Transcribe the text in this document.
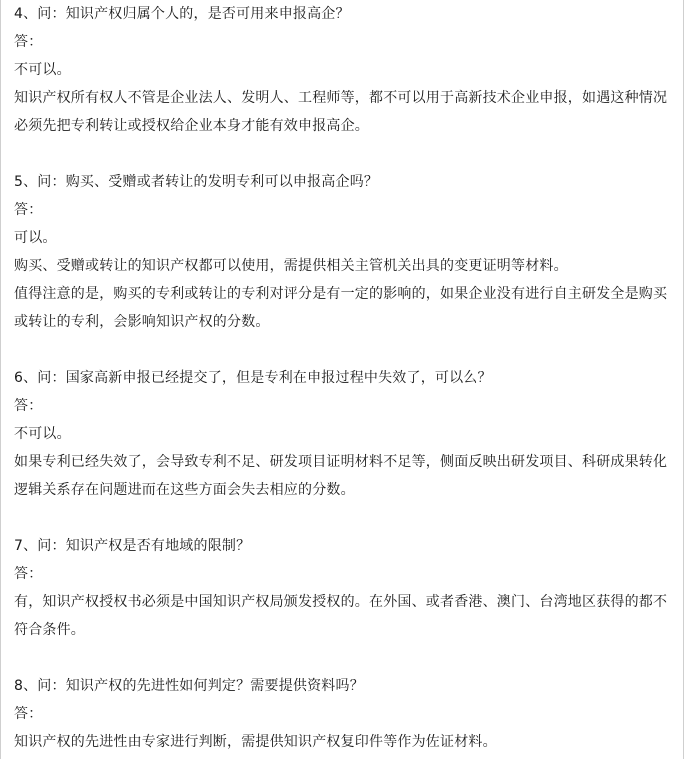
4、问：知识产权归属个人的，是否可用来申报高企？
答：

不可以。

知识产权所有权人不管是企业法人、发明人、工程师等，都不可以用于高新技术企业申报，如遇这种情况必须先把专利转让或授权给企业本身才能有效申报高企。

5、问：购买、受赠或者转让的发明专利可以申报高企吗？
答：

可以。

购买、受赠或转让的知识产权都可以使用，需提供相关主管机关出具的变更证明等材料。

值得注意的是，购买的专利或转让的专利对评分是有一定的影响的，如果企业没有进行自主研发全是购买或转让的专利，会影响知识产权的分数。

6、问：国家高新申报已经提交了，但是专利在申报过程中失效了，可以么？
答：

不可以。

如果专利已经失效了，会导致专利不足、研发项目证明材料不足等，侧面反映出研发项目、科研成果转化逻辑关系存在问题进而在这些方面会失去相应的分数。

7、问：知识产权是否有地域的限制？
答：

有，知识产权授权书必须是中国知识产权局颁发授权的。在外国、或者香港、澳门、台湾地区获得的都不符合条件。

8、问：知识产权的先进性如何判定？需要提供资料吗？
答：

知识产权的先进性由专家进行判断，需提供知识产权复印件等作为佐证材料。
